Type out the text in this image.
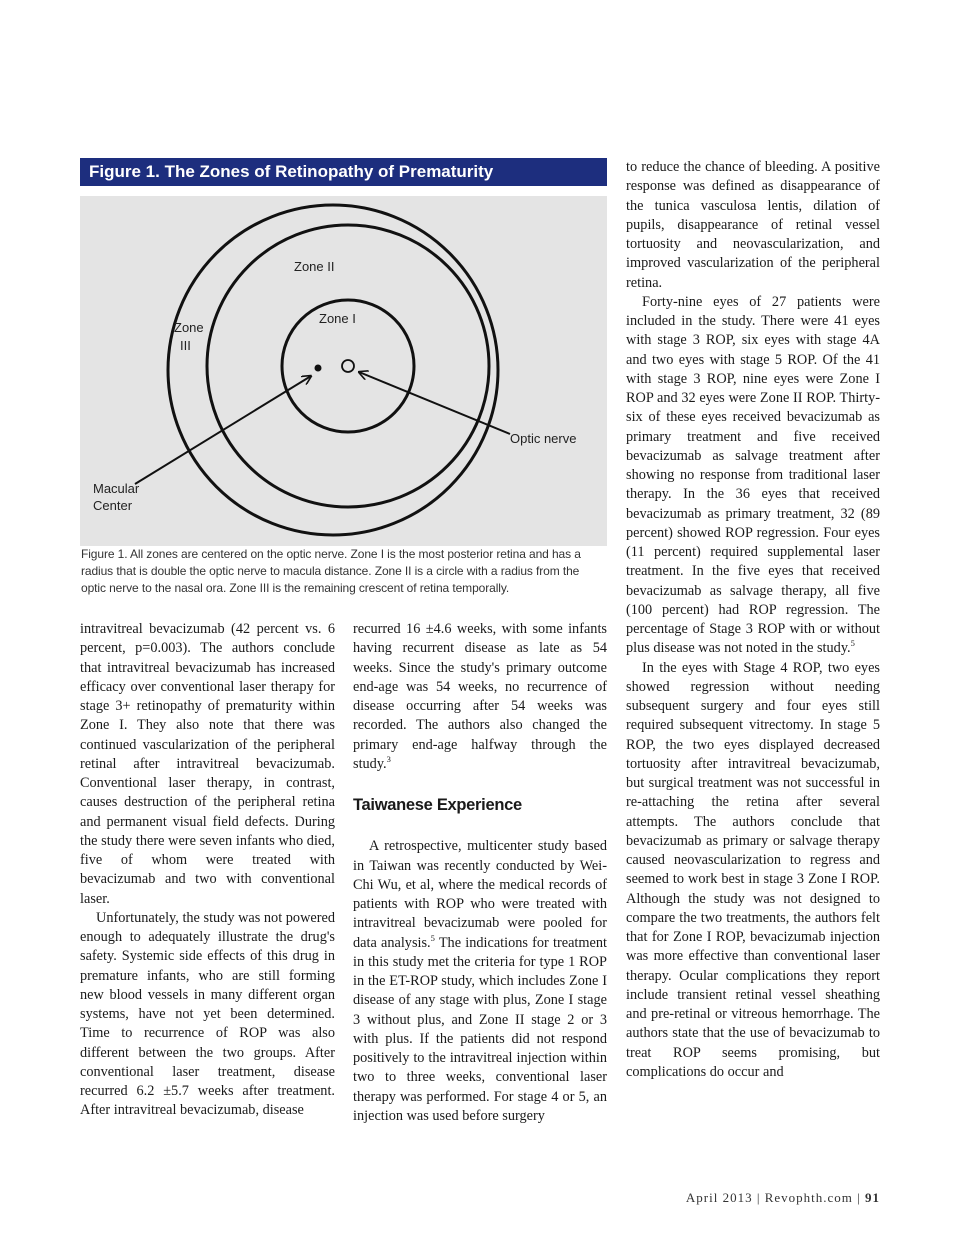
Figure 1. The Zones of Retinopathy of Prematurity
Zone II
Zone I
Zone
III
Optic nerve
Macular
Center
Figure 1. All zones are centered on the optic nerve. Zone I is the most posterior retina and has a radius that is double the optic nerve to macula distance. Zone II is a circle with a radius from the optic nerve to the nasal ora. Zone III is the remaining crescent of retina temporally.

intravitreal bevacizumab (42 percent vs. 6 percent, p=0.003). The authors conclude that intravitreal bevacizumab has increased efficacy over conventional laser therapy for stage 3+ retinopathy of prematurity within Zone I. They also note that there was continued vascularization of the peripheral retinal after intravitreal bevacizumab. Conventional laser therapy, in contrast, causes destruction of the peripheral retina and permanent visual field defects. During the study there were seven infants who died, five of whom were treated with bevacizumab and two with conventional laser.

Unfortunately, the study was not powered enough to adequately illustrate the drug's safety. Systemic side effects of this drug in premature infants, who are still forming new blood vessels in many different organ systems, have not yet been determined. Time to recurrence of ROP was also different between the two groups. After conventional laser treatment, disease recurred 6.2 ±5.7 weeks after treatment. After intravitreal bevacizumab, disease

recurred 16 ±4.6 weeks, with some infants having recurrent disease as late as 54 weeks. Since the study's primary outcome end-age was 54 weeks, no recurrence of disease occurring after 54 weeks was recorded. The authors also changed the primary end-age halfway through the study.$^3$

Taiwanese Experience

A retrospective, multicenter study based in Taiwan was recently conducted by Wei-Chi Wu, et al, where the medical records of patients with ROP who were treated with intravitreal bevacizumab were pooled for data analysis.$^5$ The indications for treatment in this study met the criteria for type 1 ROP in the ET-ROP study, which includes Zone I disease of any stage with plus, Zone I stage 3 without plus, and Zone II stage 2 or 3 with plus. If the patients did not respond positively to the intravitreal injection within two to three weeks, conventional laser therapy was performed. For stage 4 or 5, an injection was used before surgery

to reduce the chance of bleeding. A positive response was defined as disappearance of the tunica vasculosa lentis, dilation of pupils, disappearance of retinal vessel tortuosity and neovascularization, and improved vascularization of the peripheral retina.

Forty-nine eyes of 27 patients were included in the study. There were 41 eyes with stage 3 ROP, six eyes with stage 4A and two eyes with stage 5 ROP. Of the 41 with stage 3 ROP, nine eyes were Zone I ROP and 32 eyes were Zone II ROP. Thirty-six of these eyes received bevacizumab as primary treatment and five received bevacizumab as salvage treatment after showing no response from traditional laser therapy. In the 36 eyes that received bevacizumab as primary treatment, 32 (89 percent) showed ROP regression. Four eyes (11 percent) required supplemental laser treatment. In the five eyes that received bevacizumab as salvage therapy, all five (100 percent) had ROP regression. The percentage of Stage 3 ROP with or without plus disease was not noted in the study.$^5$

In the eyes with Stage 4 ROP, two eyes showed regression without needing subsequent surgery and four eyes still required subsequent vitrectomy. In stage 5 ROP, the two eyes displayed decreased tortuosity after intravitreal bevacizumab, but surgical treatment was not successful in re-attaching the retina after several attempts. The authors conclude that bevacizumab as primary or salvage therapy caused neovascularization to regress and seemed to work best in stage 3 Zone I ROP. Although the study was not designed to compare the two treatments, the authors felt that for Zone I ROP, bevacizumab injection was more effective than conventional laser therapy. Ocular complications they report include transient retinal vessel sheathing and pre-retinal or vitreous hemorrhage. The authors state that the use of bevacizumab to treat ROP seems promising, but complications do occur and

April 2013 | Revophth.com | 91
